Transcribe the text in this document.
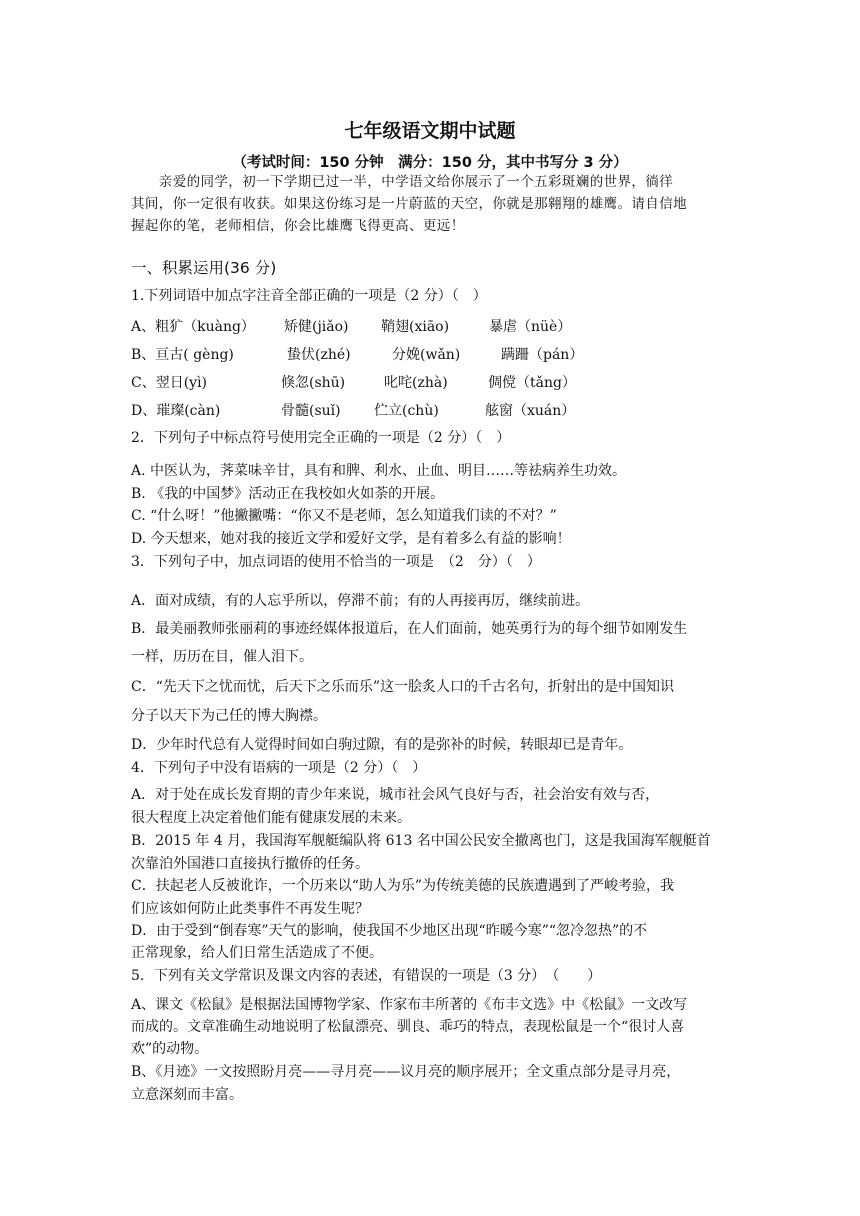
七年级语文期中试题
（考试时间：150 分钟　满分：150 分，其中书写分 3 分）
　　亲爱的同学，初一下学期已过一半，中学语文给你展示了一个五彩斑斓的世界，徜徉
其间，你一定很有收获。如果这份练习是一片蔚蓝的天空，你就是那翱翔的雄鹰。请自信地
握起你的笔，老师相信，你会比雄鹰飞得更高、更远！
一、积累运用(36 分)
1.下列词语中加点字注音全部正确的一项是（2 分）（　）
A、粗犷（kuàng） 矫健(jiǎo) 鞘翅(xiāo)	暴虐（nüè）
B、亘古( gèng)	蛰伏(zhé)	分娩(wǎn)	蹒跚（pán）
C、翌日(yì)	倏忽(shū)	叱咤(zhà)	倜傥（tǎng）
D、璀璨(càn)	骨髓(suǐ) 伫立(chù)	舷窗（xuán）
2．下列句子中标点符号使用完全正确的一项是（2 分）（　）
A. 中医认为，荠菜味辛甘，具有和脾、利水、止血、明目……等祛病养生功效。
B. 《我的中国梦》活动正在我校如火如荼的开展。
C. “什么呀！”他撇撇嘴：“你又不是老师，怎么知道我们读的不对？”
D. 今天想来，她对我的接近文学和爱好文学，是有着多么有益的影响！
3．下列句子中，加点词语的使用不恰当的一项是　（2　分）（　）
A．面对成绩，有的人忘乎所以，停滞不前；有的人再接再厉，继续前进。
B．最美丽教师张丽莉的事迹经媒体报道后，在人们面前，她英勇行为的每个细节如刚发生
一样，历历在目，催人泪下。
C．“先天下之忧而忧，后天下之乐而乐”这一脍炙人口的千古名句，折射出的是中国知识
分子以天下为己任的博大胸襟。
D．少年时代总有人觉得时间如白驹过隙，有的是弥补的时候，转眼却已是青年。
4．下列句子中没有语病的一项是（2 分）（　）
A．对于处在成长发育期的青少年来说，城市社会风气良好与否，社会治安有效与否，
很大程度上决定着他们能有健康发展的未来。
B．2015 年 4 月，我国海军舰艇编队将 613 名中国公民安全撤离也门，这是我国海军舰艇首
次靠泊外国港口直接执行撤侨的任务。
C．扶起老人反被讹诈，一个历来以“助人为乐”为传统美德的民族遭遇到了严峻考验，我
们应该如何防止此类事件不再发生呢？
D．由于受到“倒春寒”天气的影响，使我国不少地区出现“昨暖今寒”“忽冷忽热”的不
正常现象，给人们日常生活造成了不便。
5．下列有关文学常识及课文内容的表述，有错误的一项是（3 分）　（　　）
A、课文《松鼠》是根据法国博物学家、作家布丰所著的《布丰文选》中《松鼠》一文改写
而成的。文章准确生动地说明了松鼠漂亮、驯良、乖巧的特点，表现松鼠是一个“很讨人喜
欢”的动物。
B、《月迹》一文按照盼月亮——寻月亮——议月亮的顺序展开；全文重点部分是寻月亮，
立意深刻而丰富。
